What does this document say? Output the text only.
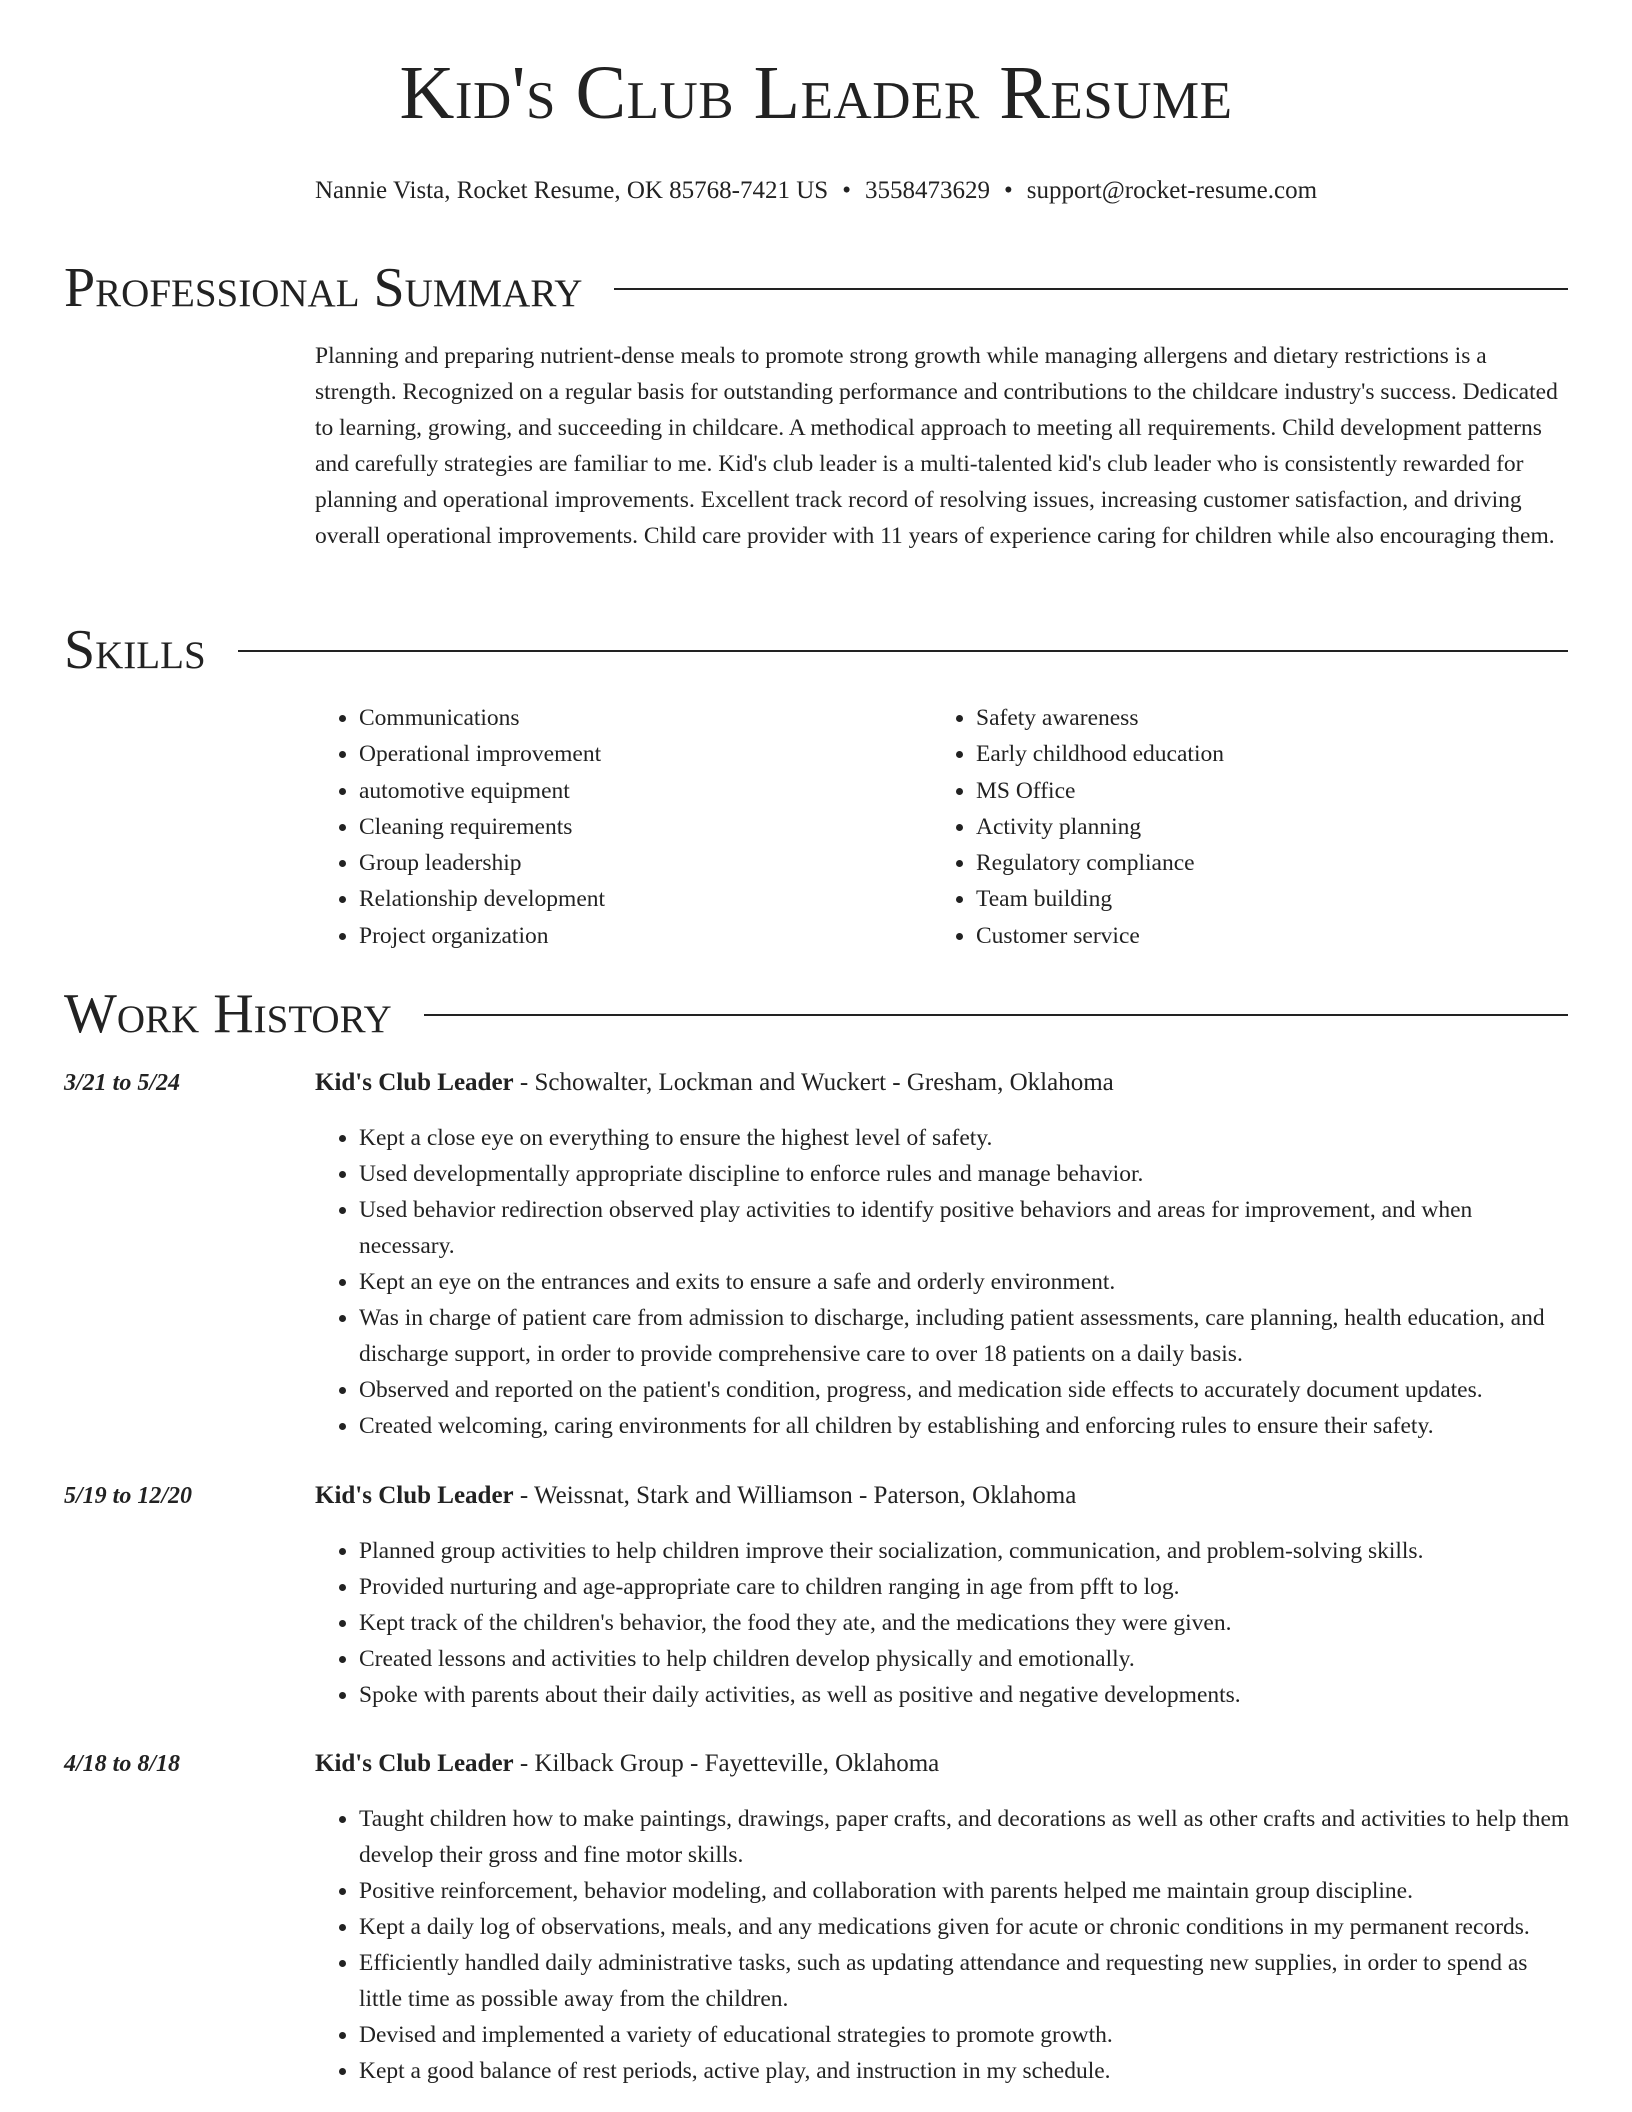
Kid's Club Leader Resume
Nannie Vista, Rocket Resume, OK 85768-7421 US • 3558473629 • support@rocket-resume.com
Professional Summary

Planning and preparing nutrient-dense meals to promote strong growth while managing allergens and dietary restrictions is a strength. Recognized on a regular basis for outstanding performance and contributions to the childcare industry's success. Dedicated to learning, growing, and succeeding in childcare. A methodical approach to meeting all requirements. Child development patterns and carefully strategies are familiar to me. Kid's club leader is a multi-talented kid's club leader who is consistently rewarded for planning and operational improvements. Excellent track record of resolving issues, increasing customer satisfaction, and driving overall operational improvements. Child care provider with 11 years of experience caring for children while also encouraging them.

Skills
• Communications
• Operational improvement
• automotive equipment
• Cleaning requirements
• Group leadership
• Relationship development
• Project organization
• Safety awareness
• Early childhood education
• MS Office
• Activity planning
• Regulatory compliance
• Team building
• Customer service
Work History
3/21 to 5/24	Kid's Club Leader - Schowalter, Lockman and Wuckert - Gresham, Oklahoma
• Kept a close eye on everything to ensure the highest level of safety.
• Used developmentally appropriate discipline to enforce rules and manage behavior.
• Used behavior redirection observed play activities to identify positive behaviors and areas for improvement, and when necessary.
• Kept an eye on the entrances and exits to ensure a safe and orderly environment.
• Was in charge of patient care from admission to discharge, including patient assessments, care planning, health education, and discharge support, in order to provide comprehensive care to over 18 patients on a daily basis.
• Observed and reported on the patient's condition, progress, and medication side effects to accurately document updates.
• Created welcoming, caring environments for all children by establishing and enforcing rules to ensure their safety.
5/19 to 12/20	Kid's Club Leader - Weissnat, Stark and Williamson - Paterson, Oklahoma
• Planned group activities to help children improve their socialization, communication, and problem-solving skills.
• Provided nurturing and age-appropriate care to children ranging in age from pfft to log.
• Kept track of the children's behavior, the food they ate, and the medications they were given.
• Created lessons and activities to help children develop physically and emotionally.
• Spoke with parents about their daily activities, as well as positive and negative developments.
4/18 to 8/18	Kid's Club Leader - Kilback Group - Fayetteville, Oklahoma
• Taught children how to make paintings, drawings, paper crafts, and decorations as well as other crafts and activities to help them develop their gross and fine motor skills.
• Positive reinforcement, behavior modeling, and collaboration with parents helped me maintain group discipline.
• Kept a daily log of observations, meals, and any medications given for acute or chronic conditions in my permanent records.
• Efficiently handled daily administrative tasks, such as updating attendance and requesting new supplies, in order to spend as little time as possible away from the children.
• Devised and implemented a variety of educational strategies to promote growth.
• Kept a good balance of rest periods, active play, and instruction in my schedule.
